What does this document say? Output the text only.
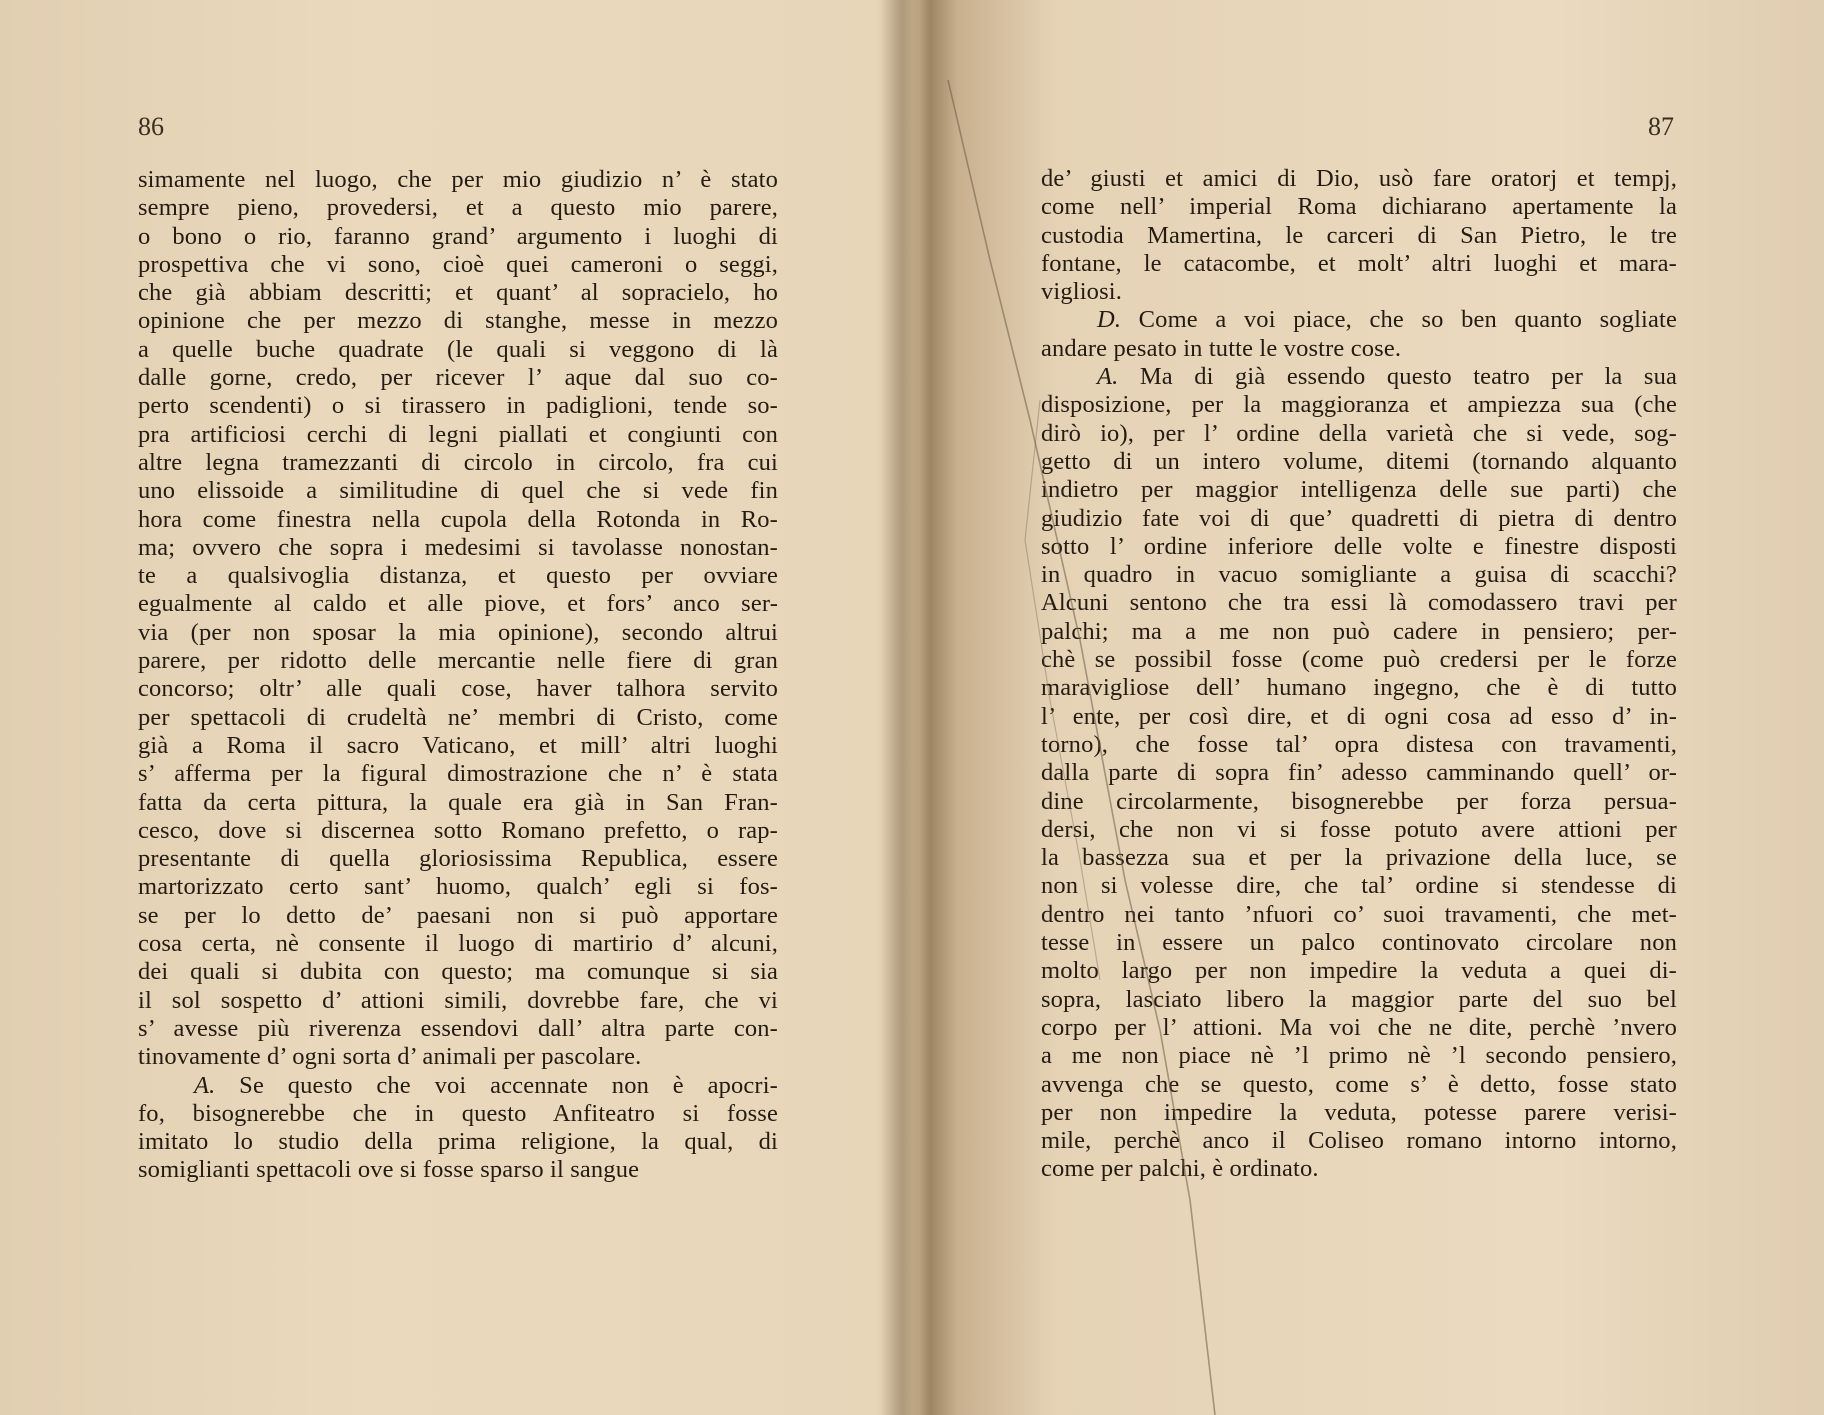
86

simamente nel luogo, che per mio giudizio n’ è stato
sempre pieno, provedersi, et a questo mio parere,
o bono o rio, faranno grand’ argumento i luoghi di
prospettiva che vi sono, cioè quei cameroni o seggi,
che già abbiam descritti; et quant’ al sopracielo, ho
opinione che per mezzo di stanghe, messe in mezzo
a quelle buche quadrate (le quali si veggono di là
dalle gorne, credo, per ricever l’ aque dal suo co-
perto scendenti) o si tirassero in padiglioni, tende so-
pra artificiosi cerchi di legni piallati et congiunti con
altre legna tramezzanti di circolo in circolo, fra cui
uno elissoide a similitudine di quel che si vede fin
hora come finestra nella cupola della Rotonda in Ro-
ma; ovvero che sopra i medesimi si tavolasse nonostan-
te a qualsivoglia distanza, et questo per ovviare
egualmente al caldo et alle piove, et fors’ anco ser-
via (per non sposar la mia opinione), secondo altrui
parere, per ridotto delle mercantie nelle fiere di gran
concorso; oltr’ alle quali cose, haver talhora servito
per spettacoli di crudeltà ne’ membri di Cristo, come
già a Roma il sacro Vaticano, et mill’ altri luoghi
s’ afferma per la figural dimostrazione che n’ è stata
fatta da certa pittura, la quale era già in San Fran-
cesco, dove si discernea sotto Romano prefetto, o rap-
presentante di quella gloriosissima Republica, essere
martorizzato certo sant’ huomo, qualch’ egli si fos-
se per lo detto de’ paesani non si può apportare
cosa certa, nè consente il luogo di martirio d’ alcuni,
dei quali si dubita con questo; ma comunque si sia
il sol sospetto d’ attioni simili, dovrebbe fare, che vi
s’ avesse più riverenza essendovi dall’ altra parte con-
tinovamente d’ ogni sorta d’ animali per pascolare.
A. Se questo che voi accennate non è apocri-
fo, bisognerebbe che in questo Anfiteatro si fosse
imitato lo studio della prima religione, la qual, di
somiglianti spettacoli ove si fosse sparso il sangue

87

de’ giusti et amici di Dio, usò fare oratorj et tempj,
come nell’ imperial Roma dichiarano apertamente la
custodia Mamertina, le carceri di San Pietro, le tre
fontane, le catacombe, et molt’ altri luoghi et mara-
vigliosi.
D. Come a voi piace, che so ben quanto sogliate
andare pesato in tutte le vostre cose.
A. Ma di già essendo questo teatro per la sua
disposizione, per la maggioranza et ampiezza sua (che
dirò io), per l’ ordine della varietà che si vede, sog-
getto di un intero volume, ditemi (tornando alquanto
indietro per maggior intelligenza delle sue parti) che
giudizio fate voi di que’ quadretti di pietra di dentro
sotto l’ ordine inferiore delle volte e finestre disposti
in quadro in vacuo somigliante a guisa di scacchi?
Alcuni sentono che tra essi là comodassero travi per
palchi; ma a me non può cadere in pensiero; per-
chè se possibil fosse (come può credersi per le forze
maravigliose dell’ humano ingegno, che è di tutto
l’ ente, per così dire, et di ogni cosa ad esso d’ in-
torno), che fosse tal’ opra distesa con travamenti,
dalla parte di sopra fin’ adesso camminando quell’ or-
dine circolarmente, bisognerebbe per forza persua-
dersi, che non vi si fosse potuto avere attioni per
la bassezza sua et per la privazione della luce, se
non si volesse dire, che tal’ ordine si stendesse di
dentro nei tanto ’nfuori co’ suoi travamenti, che met-
tesse in essere un palco continovato circolare non
molto largo per non impedire la veduta a quei di-
sopra, lasciato libero la maggior parte del suo bel
corpo per l’ attioni. Ma voi che ne dite, perchè ’nvero
a me non piace nè ’l primo nè ’l secondo pensiero,
avvenga che se questo, come s’ è detto, fosse stato
per non impedire la veduta, potesse parere verisi-
mile, perchè anco il Coliseo romano intorno intorno,
come per palchi, è ordinato.
